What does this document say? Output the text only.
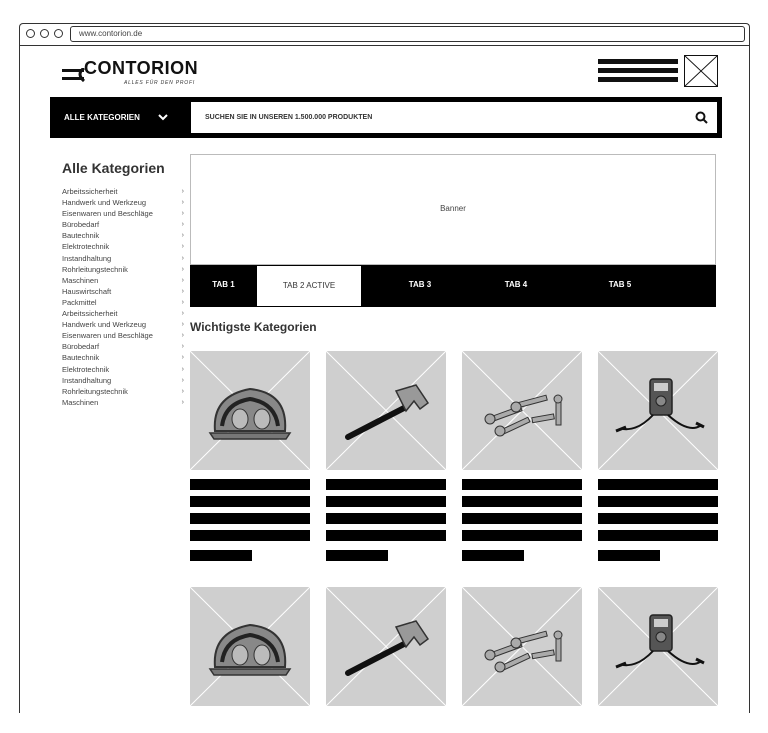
www.contorion.de
CONTORION
ALLES FÜR DEN PROFI
ALLE KATEGORIEN	SUCHEN SIE IN UNSEREN 1.500.000 PRODUKTEN
Alle Kategorien
Arbeitssicherheit	›
Handwerk und Werkzeug	›
Eisenwaren und Beschläge	›
Bürobedarf	›
Bautechnik	›
Elektrotechnik	›
Instandhaltung	›
Rohrleitungstechnik	›
Maschinen	›
Hauswirtschaft	›
Packmittel	›
Arbeitssicherheit	›
Handwerk und Werkzeug	›
Eisenwaren und Beschläge	›
Bürobedarf	›
Bautechnik	›
Elektrotechnik	›
Instandhaltung	›
Rohrleitungstechnik	›
Maschinen	›
Banner
TAB 1	TAB 2 ACTIVE	TAB 3	TAB 4	TAB 5
Wichtigste Kategorien
